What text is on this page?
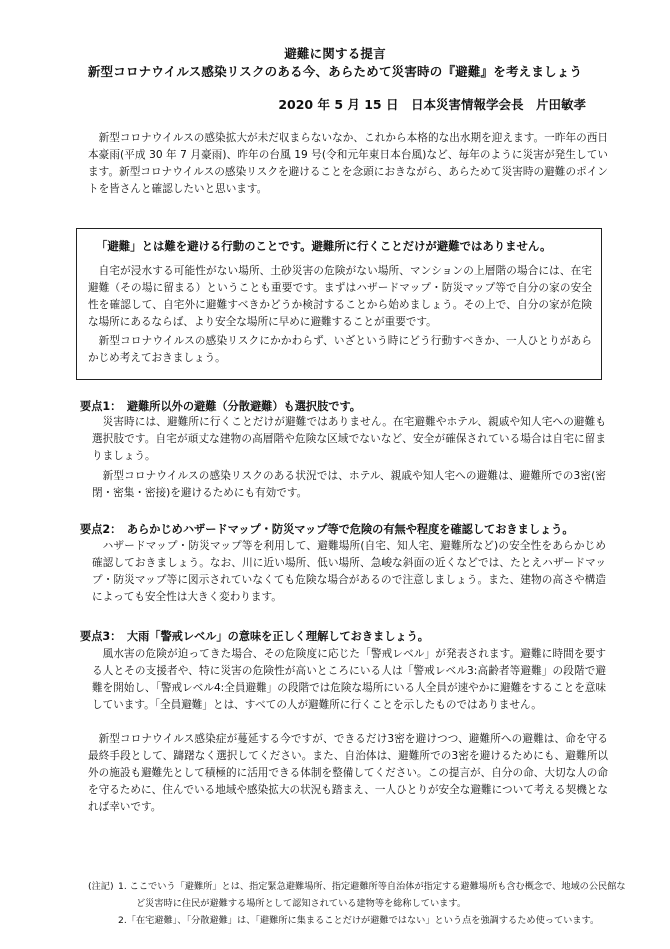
避難に関する提言
新型コロナウイルス感染リスクのある今、あらためて災害時の『避難』を考えましょう
2020 年 5 月 15 日　日本災害情報学会長　片田敏孝
新型コロナウイルスの感染拡大が未だ収まらないなか、これから本格的な出水期を迎えます。一昨年の西日本豪雨(平成 30 年 7 月豪雨)、昨年の台風 19 号(令和元年東日本台風)など、毎年のように災害が発生しています。新型コロナウイルスの感染リスクを避けることを念頭におきながら、あらためて災害時の避難のポイントを皆さんと確認したいと思います。
「避難」とは難を避ける行動のことです。避難所に行くことだけが避難ではありません。
自宅が浸水する可能性がない場所、土砂災害の危険がない場所、マンションの上層階の場合には、在宅避難（その場に留まる）ということも重要です。まずはハザードマップ・防災マップ等で自分の家の安全性を確認して、自宅外に避難すべきかどうか検討することから始めましょう。その上で、自分の家が危険な場所にあるならば、より安全な場所に早めに避難することが重要です。
新型コロナウイルスの感染リスクにかかわらず、いざという時にどう行動すべきか、一人ひとりがあらかじめ考えておきましょう。
要点1：　避難所以外の避難（分散避難）も選択肢です。
災害時には、避難所に行くことだけが避難ではありません。在宅避難やホテル、親戚や知人宅への避難も選択肢です。自宅が頑丈な建物の高層階や危険な区域でないなど、安全が確保されている場合は自宅に留まりましょう。
新型コロナウイルスの感染リスクのある状況では、ホテル、親戚や知人宅への避難は、避難所での3密(密閉・密集・密接)を避けるためにも有効です。
要点2：　あらかじめハザードマップ・防災マップ等で危険の有無や程度を確認しておきましょう。
ハザードマップ・防災マップ等を利用して、避難場所(自宅、知人宅、避難所など)の安全性をあらかじめ確認しておきましょう。なお、川に近い場所、低い場所、急峻な斜面の近くなどでは、たとえハザードマップ・防災マップ等に図示されていなくても危険な場合があるので注意しましょう。また、建物の高さや構造によっても安全性は大きく変わります。
要点3：　大雨「警戒レベル」の意味を正しく理解しておきましょう。
風水害の危険が迫ってきた場合、その危険度に応じた「警戒レベル」が発表されます。避難に時間を要する人とその支援者や、特に災害の危険性が高いところにいる人は「警戒レベル3:高齢者等避難」の段階で避難を開始し、「警戒レベル4:全員避難」の段階では危険な場所にいる人全員が速やかに避難をすることを意味しています。「全員避難」とは、すべての人が避難所に行くことを示したものではありません。
新型コロナウイルス感染症が蔓延する今ですが、できるだけ3密を避けつつ、避難所への避難は、命を守る最終手段として、躊躇なく選択してください。また、自治体は、避難所での3密を避けるためにも、避難所以外の施設も避難先として積極的に活用できる体制を整備してください。この提言が、自分の命、大切な人の命を守るために、住んでいる地域や感染拡大の状況も踏まえ、一人ひとりが安全な避難について考える契機となれば幸いです。
(注記) 1. ここでいう「避難所」とは、指定緊急避難場所、指定避難所等自治体が指定する避難場所も含む概念で、地域の公民館など災害時に住民が避難する場所として認知されている建物等を総称しています。
2.「在宅避難」、「分散避難」は、「避難所に集まることだけが避難ではない」という点を強調するため使っています。
